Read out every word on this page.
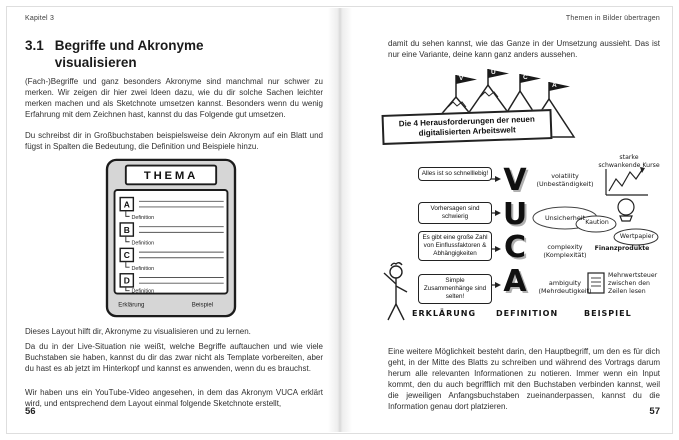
Kapitel 3
3.1 Begriffe und Akronyme visualisieren

(Fach-)Begriffe und ganz besonders Akronyme sind manchmal nur schwer zu merken. Wir zeigen dir hier zwei Ideen dazu, wie du dir solche Sachen leichter merken machen und als Sketchnote umsetzen kannst. Besonders wenn du wenig Erfahrung mit dem Zeichnen hast, kannst du das Folgende gut umsetzen.

Du schreibst dir in Großbuchstaben beispielsweise dein Akronym auf ein Blatt und fügst in Spalten die Bedeutung, die Definition und Beispiele hinzu.

THEMA
A
Definition
B
Definition
C
Definition
D
Definition
Erklärung	Beispiel

Dieses Layout hilft dir, Akronyme zu visualisieren und zu lernen.

Da du in der Live-Situation nie weißt, welche Begriffe auftauchen und wie viele Buchstaben sie haben, kannst du dir das zwar nicht als Template vorbereiten, aber du hast es ab jetzt im Hinterkopf und kannst es anwenden, wenn du es brauchst.

Wir haben uns ein YouTube-Video angesehen, in dem das Akronym VUCA erklärt wird, und entsprechend dem Layout einmal folgende Sketchnote erstellt,

56
Themen in Bilder übertragen

damit du sehen kannst, wie das Ganze in der Umsetzung aussieht. Das ist nur eine Variante, deine kann ganz anders aussehen.

V
U
C
A
Die 4 Herausforderungen der neuen digitalisierten Arbeitswelt
V
U
C
A
Alles ist so schnelllebig!
Vorhersagen sind schwierig
Es gibt eine große Zahl von Einflussfaktoren & Abhängigkeiten
Simple Zusammenhänge sind selten!
volatility (Unbeständigkeit)
Unsicherheit
complexity (Komplexität)
ambiguity (Mehrdeutigkeit)
starke schwankende Kurse
Kaution
Wertpapier
Finanzprodukte
Mehrwertsteuer zwischen den Zeilen lesen
ERKLÄRUNG DEFINITION	BEISPIEL

Eine weitere Möglichkeit besteht darin, den Hauptbegriff, um den es für dich geht, in der Mitte des Blatts zu schreiben und während des Vortrags darum herum alle relevanten Informationen zu notieren. Immer wenn ein Input kommt, den du auch begrifflich mit den Buchstaben verbinden kannst, weil die jeweiligen Anfangsbuchstaben zueinanderpassen, kannst du die Information genau dort platzieren.	57
